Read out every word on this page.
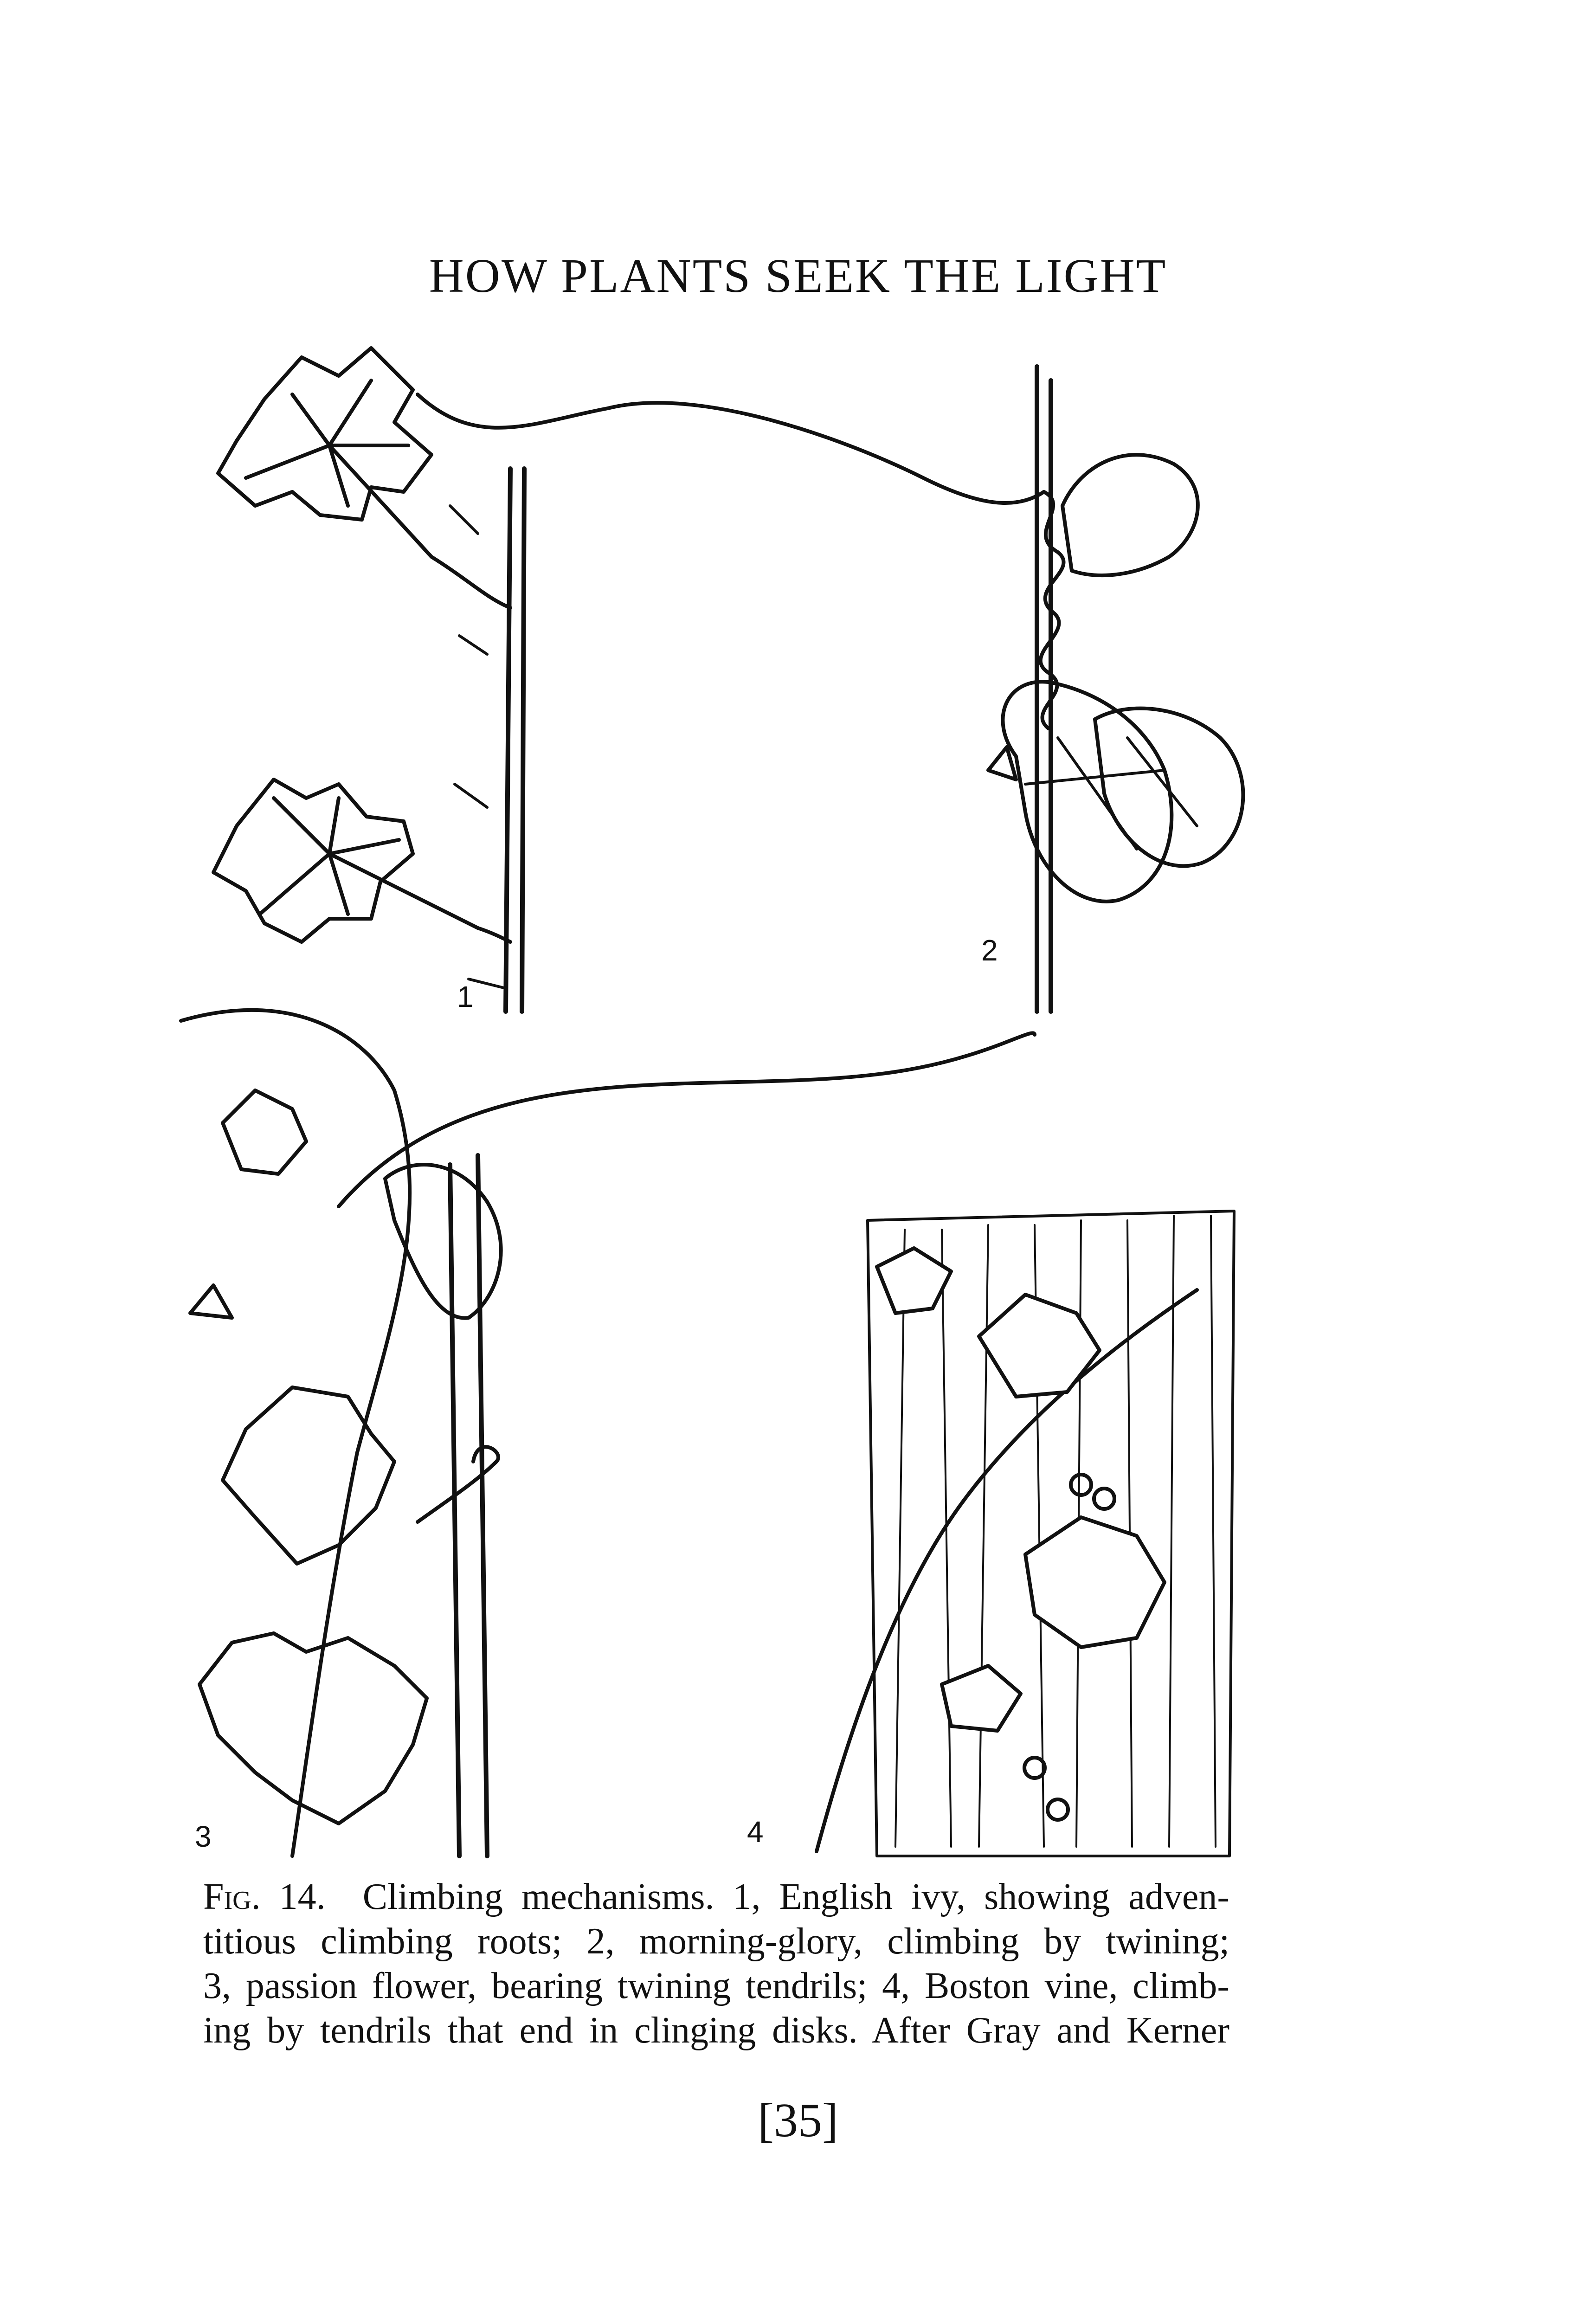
HOW PLANTS SEEK THE LIGHT
1
2
3	4
Fig. 14. Climbing mechanisms. 1, English ivy, showing adven-
titious climbing roots; 2, morning-glory, climbing by twining;
3, passion flower, bearing twining tendrils; 4, Boston vine, climb-
ing by tendrils that end in clinging disks. After Gray and Kerner
[35]
